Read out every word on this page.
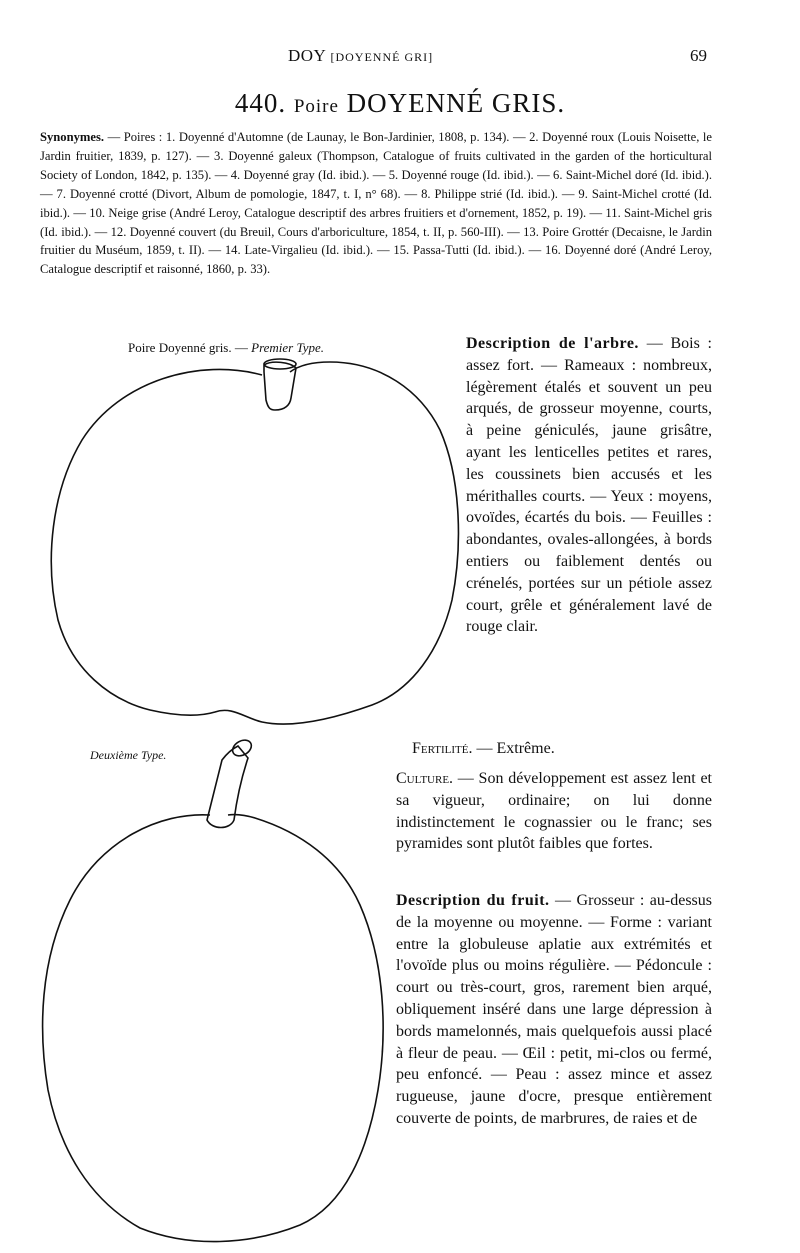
DOY [DOYENNÉ GRI]	69
440. Poire DOYENNÉ GRIS.
Synonymes. — Poires : 1. Doyenné d'Automne (de Launay, le Bon-Jardinier, 1808, p. 134). — 2. Doyenné roux (Louis Noisette, le Jardin fruitier, 1839, p. 127). — 3. Doyenné galeux (Thompson, Catalogue of fruits cultivated in the garden of the horticultural Society of London, 1842, p. 135). — 4. Doyenné gray (Id. ibid.). — 5. Doyenné rouge (Id. ibid.). — 6. Saint-Michel doré (Id. ibid.). — 7. Doyenné crotté (Divort, Album de pomologie, 1847, t. I, n° 68). — 8. Philippe strié (Id. ibid.). — 9. Saint-Michel crotté (Id. ibid.). — 10. Neige grise (André Leroy, Catalogue descriptif des arbres fruitiers et d'ornement, 1852, p. 19). — 11. Saint-Michel gris (Id. ibid.). — 12. Doyenné couvert (du Breuil, Cours d'arboriculture, 1854, t. II, p. 560-III). — 13. Poire Grottér (Decaisne, le Jardin fruitier du Muséum, 1859, t. II). — 14. Late-Virgalieu (Id. ibid.). — 15. Passa-Tutti (Id. ibid.). — 16. Doyenné doré (André Leroy, Catalogue descriptif et raisonné, 1860, p. 33).
Poire Doyenné gris. — Premier Type.
Deuxième Type.
Description de l'arbre. — Bois : assez fort. — Rameaux : nombreux, légèrement étalés et souvent un peu arqués, de grosseur moyenne, courts, à peine géniculés, jaune grisâtre, ayant les lenticelles petites et rares, les coussinets bien accusés et les mérithalles courts. — Yeux : moyens, ovoïdes, écartés du bois. — Feuilles : abondantes, ovales-allongées, à bords entiers ou faiblement dentés ou crénelés, portées sur un pétiole assez court, grêle et généralement lavé de rouge clair.
Fertilité. — Extrême.
Culture. — Son développement est assez lent et sa vigueur, ordinaire; on lui donne indistinctement le cognassier ou le franc; ses pyramides sont plutôt faibles que fortes.
Description du fruit. — Grosseur : au-dessus de la moyenne ou moyenne. — Forme : variant entre la globuleuse aplatie aux extrémités et l'ovoïde plus ou moins régulière. — Pédoncule : court ou très-court, gros, rarement bien arqué, obliquement inséré dans une large dépression à bords mamelonnés, mais quelquefois aussi placé à fleur de peau. — Œil : petit, mi-clos ou fermé, peu enfoncé. — Peau : assez mince et assez rugueuse, jaune d'ocre, presque entièrement couverte de points, de marbrures, de raies et de
